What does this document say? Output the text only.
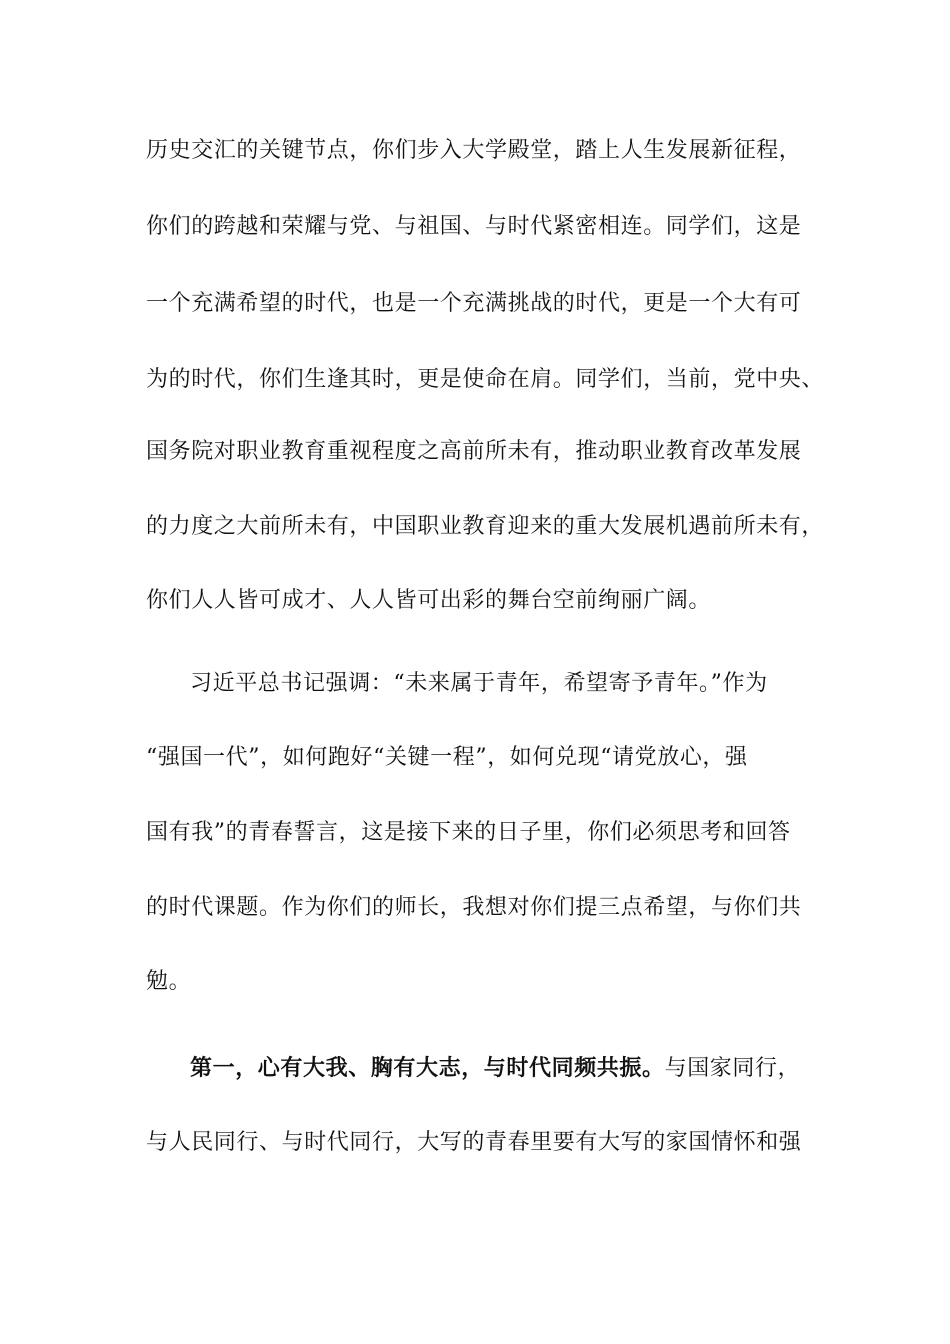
历史交汇的关键节点，你们步入大学殿堂，踏上人生发展新征程，
你们的跨越和荣耀与党、与祖国、与时代紧密相连。同学们，这是
一个充满希望的时代，也是一个充满挑战的时代，更是一个大有可
为的时代，你们生逢其时，更是使命在肩。同学们，当前，党中央、
国务院对职业教育重视程度之高前所未有，推动职业教育改革发展
的力度之大前所未有，中国职业教育迎来的重大发展机遇前所未有，
你们人人皆可成才、人人皆可出彩的舞台空前绚丽广阔。
习近平总书记强调：“未来属于青年，希望寄予青年。”作为
“强国一代”，如何跑好“关键一程”，如何兑现“请党放心，强
国有我”的青春誓言，这是接下来的日子里，你们必须思考和回答
的时代课题。作为你们的师长，我想对你们提三点希望，与你们共
勉。
第一，心有大我、胸有大志，与时代同频共振。与国家同行，
与人民同行、与时代同行，大写的青春里要有大写的家国情怀和强
